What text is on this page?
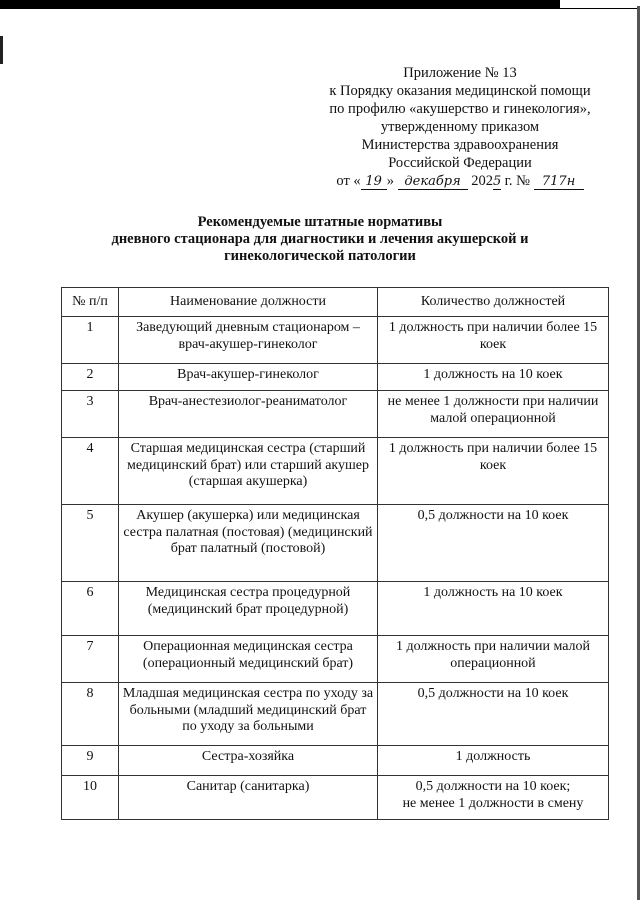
Приложение № 13
к Порядку оказания медицинской помощи
по профилю «акушерство и гинекология»,
утвержденному приказом
Министерства здравоохранения
Российской Федерации
от « 19 » декабря 2025 г. № 717н
Рекомендуемые штатные нормативы
дневного стационара для диагностики и лечения акушерской и
гинекологической патологии
№ п/п	Наименование должности	Количество должностей
1	Заведующий дневным стационаром – врач-акушер-гинеколог	1 должность при наличии более 15 коек
2	Врач-акушер-гинеколог	1 должность на 10 коек
3	Врач-анестезиолог-реаниматолог	не менее 1 должности при наличии малой операционной
4	Старшая медицинская сестра (старший медицинский брат) или старший акушер (старшая акушерка)	1 должность при наличии более 15 коек
5	Акушер (акушерка) или медицинская сестра палатная (постовая) (медицинский брат палатный (постовой)	0,5 должности на 10 коек
6	Медицинская сестра процедурной (медицинский брат процедурной)	1 должность на 10 коек
7	Операционная медицинская сестра (операционный медицинский брат)	1 должность при наличии малой операционной
8	Младшая медицинская сестра по уходу за больными (младший медицинский брат по уходу за больными	0,5 должности на 10 коек
9	Сестра-хозяйка	1 должность
10	Санитар (санитарка)	0,5 должности на 10 коек;
не менее 1 должности в смену
